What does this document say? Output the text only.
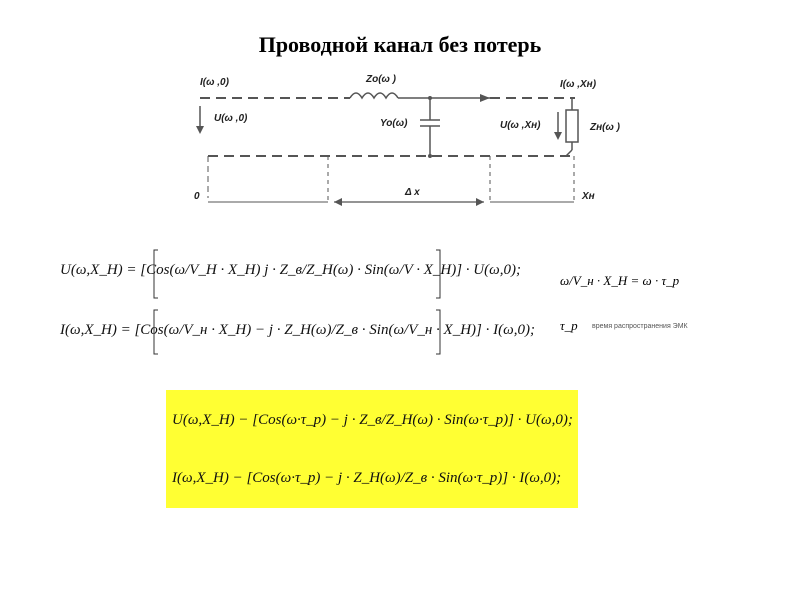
Проводной канал без потерь
I(ω ,0)
U(ω ,0)
Zo(ω )
Yo(ω)
I(ω ,Xн)
U(ω ,Xн)	Zн(ω )
0	Δ x	Xн
U(ω,X_H) = [Cos(ω/V_H · X_H) j · Z_в/Z_H(ω) · Sin(ω/V · X_H)] · U(ω,0);
I(ω,X_H) = [Cos(ω/V_н · X_H) − j · Z_H(ω)/Z_в · Sin(ω/V_н · X_H)] · I(ω,0);
ω/V_н · X_H = ω · τ_р
τ_р время распространения ЭМК
U(ω,X_H) − [Cos(ω·τ_р) − j · Z_в/Z_H(ω) · Sin(ω·τ_р)] · U(ω,0);
I(ω,X_H) − [Cos(ω·τ_р) − j · Z_H(ω)/Z_в · Sin(ω·τ_р)] · I(ω,0);
